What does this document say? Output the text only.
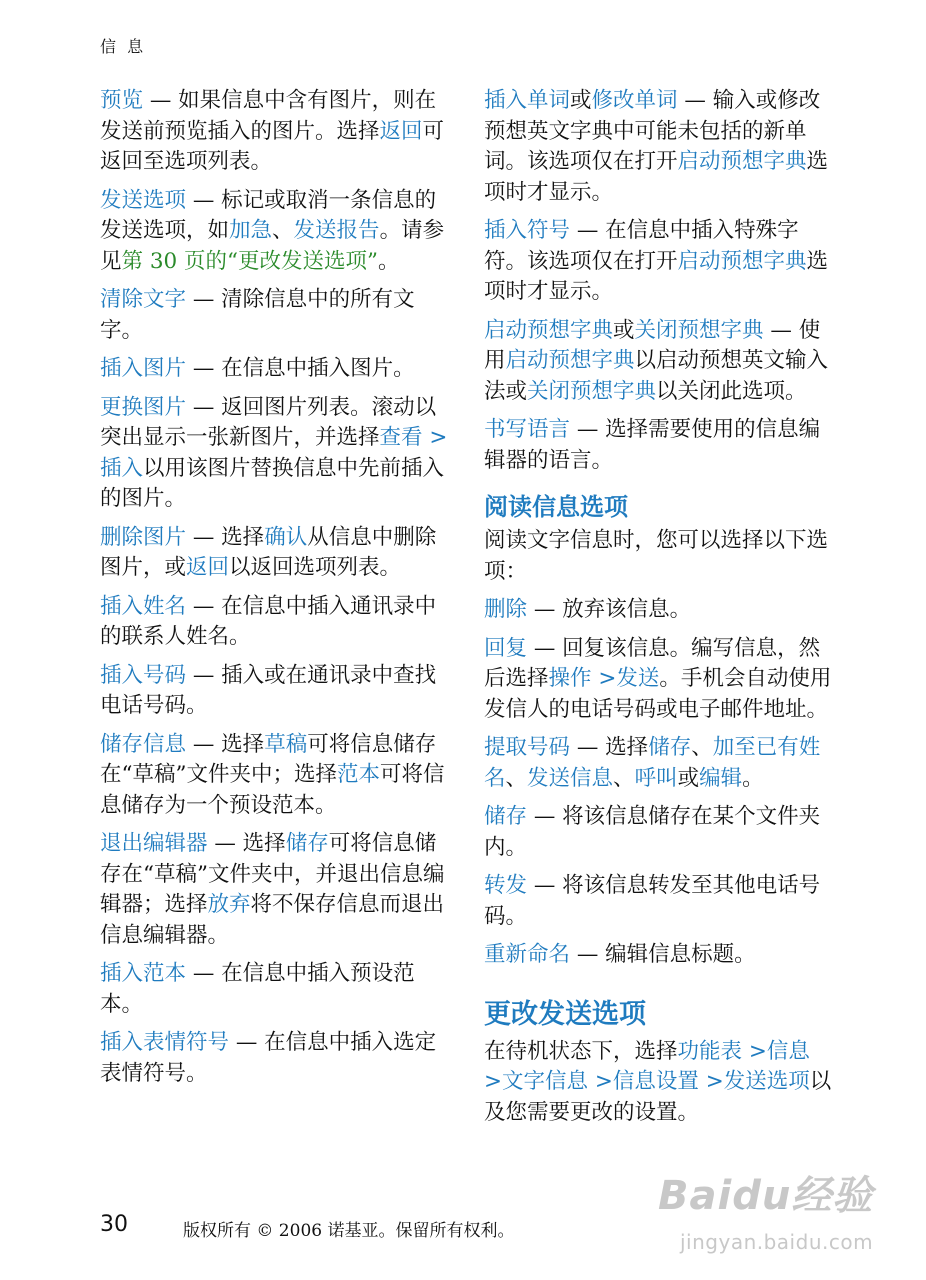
信 息

预览 — 如果信息中含有图片，则在发送前预览插入的图片。选择返回可返回至选项列表。

发送选项 — 标记或取消一条信息的发送选项，如加急、发送报告。请参见第 30 页的“更改发送选项”。

清除文字 — 清除信息中的所有文字。

插入图片 — 在信息中插入图片。

更换图片 — 返回图片列表。滚动以突出显示一张新图片，并选择查看 >插入以用该图片替换信息中先前插入的图片。

删除图片 — 选择确认从信息中删除图片，或返回以返回选项列表。

插入姓名 — 在信息中插入通讯录中的联系人姓名。

插入号码 — 插入或在通讯录中查找电话号码。

储存信息 — 选择草稿可将信息储存在“草稿”文件夹中；选择范本可将信息储存为一个预设范本。

退出编辑器 — 选择储存可将信息储存在“草稿”文件夹中，并退出信息编辑器；选择放弃将不保存信息而退出信息编辑器。

插入范本 — 在信息中插入预设范本。

插入表情符号 — 在信息中插入选定表情符号。

插入单词或修改单词 — 输入或修改预想英文字典中可能未包括的新单词。该选项仅在打开启动预想字典选项时才显示。

插入符号 — 在信息中插入特殊字符。该选项仅在打开启动预想字典选项时才显示。

启动预想字典或关闭预想字典 — 使用启动预想字典以启动预想英文输入法或关闭预想字典以关闭此选项。

书写语言 — 选择需要使用的信息编辑器的语言。

阅读信息选项

阅读文字信息时，您可以选择以下选项：

删除 — 放弃该信息。

回复 — 回复该信息。编写信息，然后选择操作 >发送。手机会自动使用发信人的电话号码或电子邮件地址。

提取号码 — 选择储存、加至已有姓名、发送信息、呼叫或编辑。

储存 — 将该信息储存在某个文件夹内。

转发 — 将该信息转发至其他电话号码。

重新命名 — 编辑信息标题。

更改发送选项

在待机状态下，选择功能表 >信息 >文字信息 >信息设置 >发送选项以及您需要更改的设置。

30	版权所有 © 2006 诺基亚。保留所有权利。
Baidu经验
jingyan.baidu.com
